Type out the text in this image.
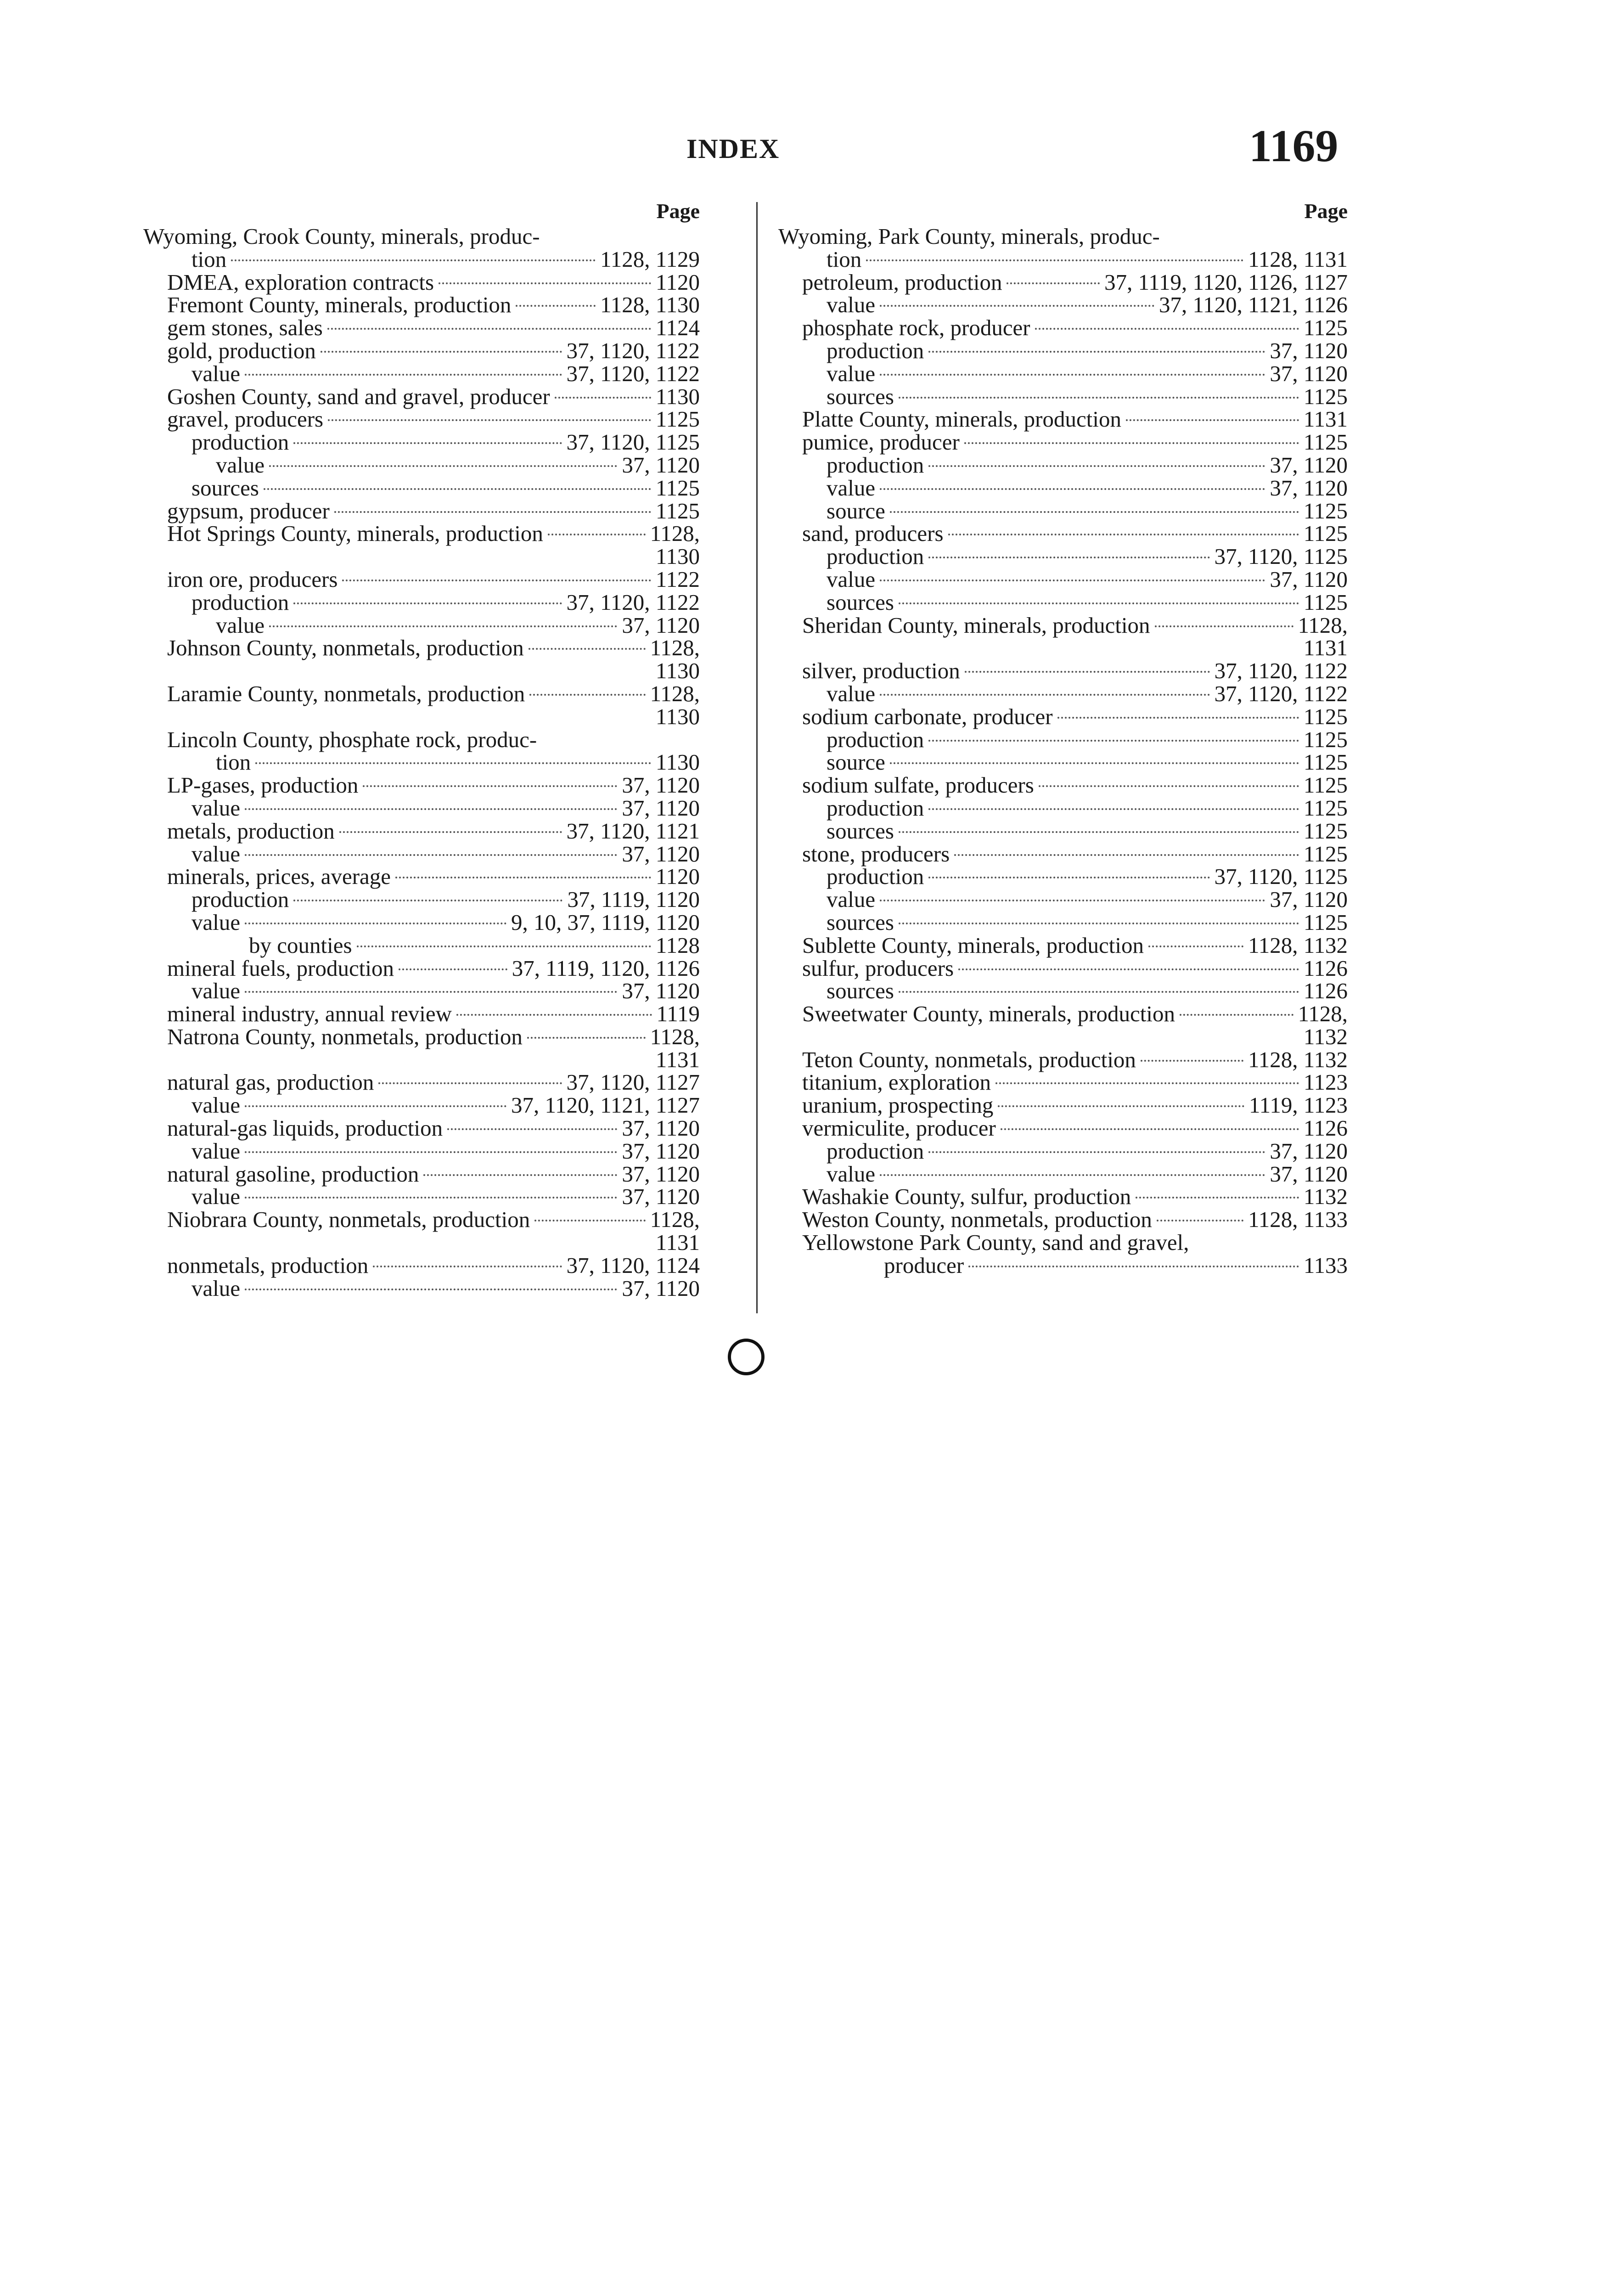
INDEX	1169
Page
Wyoming, Crook County, minerals, produc-
tion	1128, 1129
DMEA, exploration contracts	1120
Fremont County, minerals, production	1128, 1130
gem stones, sales	1124
gold, production	37, 1120, 1122
value	37, 1120, 1122
Goshen County, sand and gravel, producer	1130
gravel, producers	1125
production	37, 1120, 1125
value	37, 1120
sources	1125
gypsum, producer	1125
Hot Springs County, minerals, production	1128,
1130
iron ore, producers	1122
production	37, 1120, 1122
value	37, 1120
Johnson County, nonmetals, production	1128,
1130
Laramie County, nonmetals, production	1128,
1130
Lincoln County, phosphate rock, produc-
tion	1130
LP-gases, production	37, 1120
value	37, 1120
metals, production	37, 1120, 1121
value	37, 1120
minerals, prices, average	1120
production	37, 1119, 1120
value	9, 10, 37, 1119, 1120
by counties	1128
mineral fuels, production	37, 1119, 1120, 1126
value	37, 1120
mineral industry, annual review	1119
Natrona County, nonmetals, production	1128,
1131
natural gas, production	37, 1120, 1127
value	37, 1120, 1121, 1127
natural-gas liquids, production	37, 1120
value	37, 1120
natural gasoline, production	37, 1120
value	37, 1120
Niobrara County, nonmetals, production	1128,
1131
nonmetals, production	37, 1120, 1124
value	37, 1120
Page
Wyoming, Park County, minerals, produc-
tion	1128, 1131
petroleum, production	37, 1119, 1120, 1126, 1127
value	37, 1120, 1121, 1126
phosphate rock, producer	1125
production	37, 1120
value	37, 1120
sources	1125
Platte County, minerals, production	1131
pumice, producer	1125
production	37, 1120
value	37, 1120
source	1125
sand, producers	1125
production	37, 1120, 1125
value	37, 1120
sources	1125
Sheridan County, minerals, production	1128,
1131
silver, production	37, 1120, 1122
value	37, 1120, 1122
sodium carbonate, producer	1125
production	1125
source	1125
sodium sulfate, producers	1125
production	1125
sources	1125
stone, producers	1125
production	37, 1120, 1125
value	37, 1120
sources	1125
Sublette County, minerals, production	1128, 1132
sulfur, producers	1126
sources	1126
Sweetwater County, minerals, production	1128,
1132
Teton County, nonmetals, production	1128, 1132
titanium, exploration	1123
uranium, prospecting	1119, 1123
vermiculite, producer	1126
production	37, 1120
value	37, 1120
Washakie County, sulfur, production	1132
Weston County, nonmetals, production	1128, 1133
Yellowstone Park County, sand and gravel,
producer	1133
